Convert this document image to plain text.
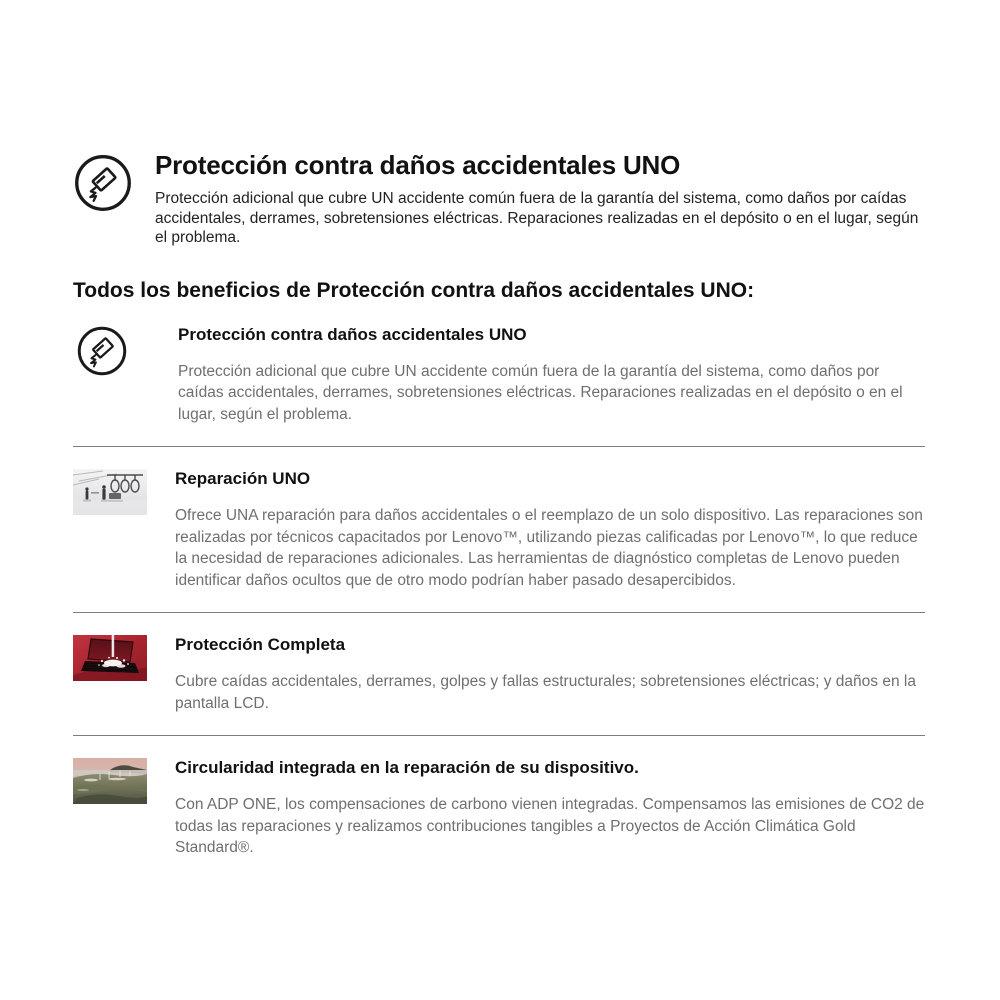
Protección contra daños accidentales UNO

Protección adicional que cubre UN accidente común fuera de la garantía del sistema, como daños por caídas accidentales, derrames, sobretensiones eléctricas. Reparaciones realizadas en el depósito o en el lugar, según el problema.

Todos los beneficios de Protección contra daños accidentales UNO:
Protección contra daños accidentales UNO

Protección adicional que cubre UN accidente común fuera de la garantía del sistema, como daños por caídas accidentales, derrames, sobretensiones eléctricas. Reparaciones realizadas en el depósito o en el lugar, según el problema.

Reparación UNO

Ofrece UNA reparación para daños accidentales o el reemplazo de un solo dispositivo. Las reparaciones son realizadas por técnicos capacitados por Lenovo™, utilizando piezas calificadas por Lenovo™, lo que reduce la necesidad de reparaciones adicionales. Las herramientas de diagnóstico completas de Lenovo pueden identificar daños ocultos que de otro modo podrían haber pasado desapercibidos.

Protección Completa

Cubre caídas accidentales, derrames, golpes y fallas estructurales; sobretensiones eléctricas; y daños en la pantalla LCD.

Circularidad integrada en la reparación de su dispositivo.

Con ADP ONE, los compensaciones de carbono vienen integradas. Compensamos las emisiones de CO2 de todas las reparaciones y realizamos contribuciones tangibles a Proyectos de Acción Climática Gold Standard®.
